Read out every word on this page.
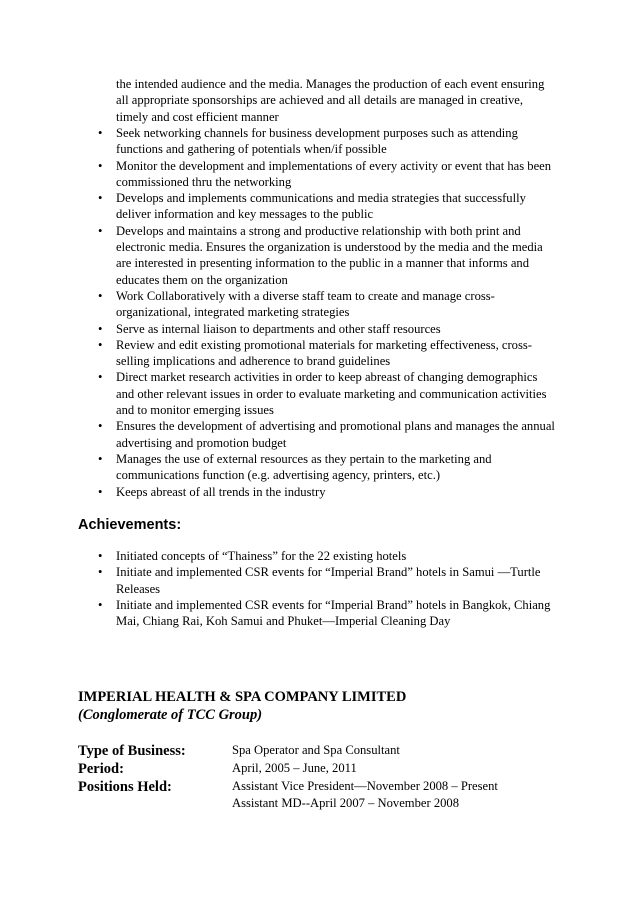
the intended audience and the media. Manages the production of each event ensuring all appropriate sponsorships are achieved and all details are managed in creative, timely and cost efficient manner
• Seek networking channels for business development purposes such as attending functions and gathering of potentials when/if possible
• Monitor the development and implementations of every activity or event that has been commissioned thru the networking
• Develops and implements communications and media strategies that successfully deliver information and key messages to the public
• Develops and maintains a strong and productive relationship with both print and electronic media. Ensures the organization is understood by the media and the media are interested in presenting information to the public in a manner that informs and educates them on the organization
• Work Collaboratively with a diverse staff team to create and manage cross-organizational, integrated marketing strategies
• Serve as internal liaison to departments and other staff resources
• Review and edit existing promotional materials for marketing effectiveness, cross-selling implications and adherence to brand guidelines
• Direct market research activities in order to keep abreast of changing demographics and other relevant issues in order to evaluate marketing and communication activities and to monitor emerging issues
• Ensures the development of advertising and promotional plans and manages the annual advertising and promotion budget
• Manages the use of external resources as they pertain to the marketing and communications function (e.g. advertising agency, printers, etc.)
• Keeps abreast of all trends in the industry
Achievements:
• Initiated concepts of “Thainess” for the 22 existing hotels
• Initiate and implemented CSR events for “Imperial Brand” hotels in Samui —Turtle Releases
• Initiate and implemented CSR events for “Imperial Brand” hotels in Bangkok, Chiang Mai, Chiang Rai, Koh Samui and Phuket—Imperial Cleaning Day
IMPERIAL HEALTH & SPA COMPANY LIMITED
(Conglomerate of TCC Group)
Type of Business:	Spa Operator and Spa Consultant
Period:	April, 2005 – June, 2011
Positions Held:	Assistant Vice President—November 2008 – Present
Assistant MD--April 2007 – November 2008
